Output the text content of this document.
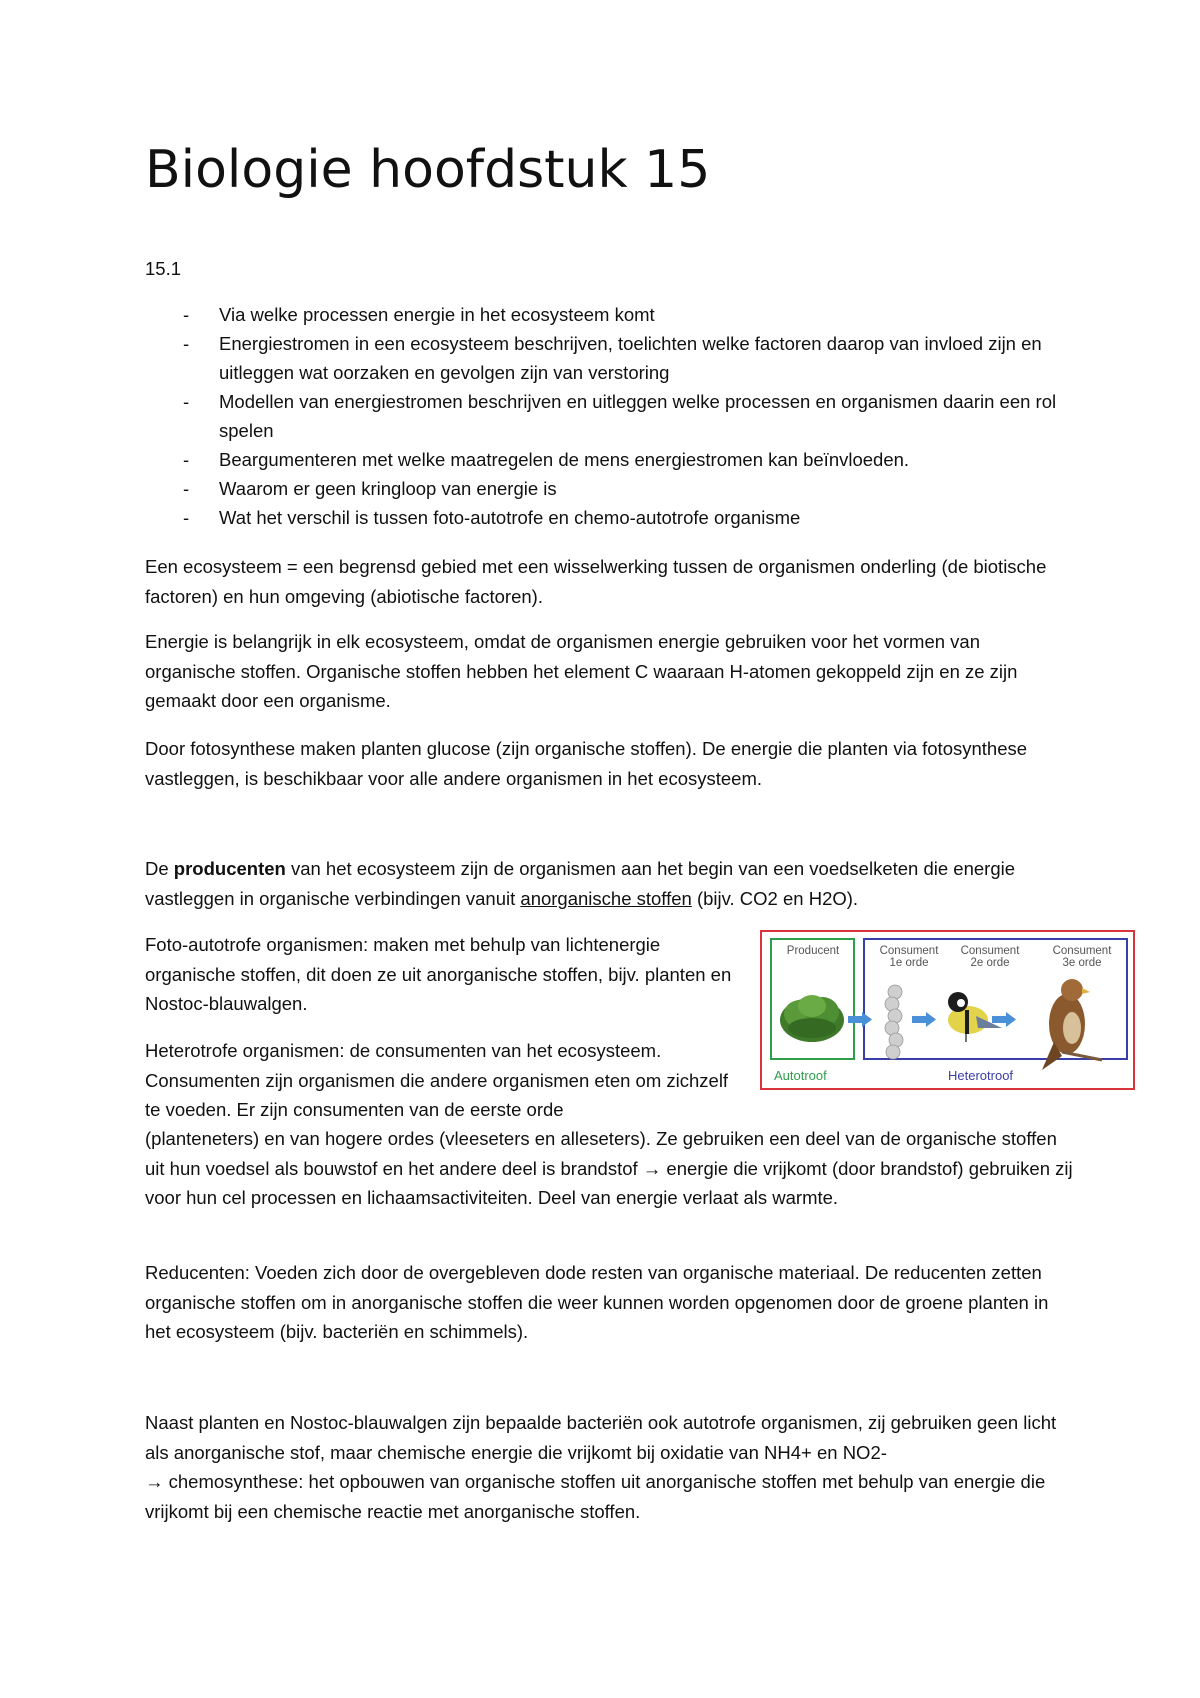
Biologie hoofdstuk 15
15.1
- Via welke processen energie in het ecosysteem komt
- Energiestromen in een ecosysteem beschrijven, toelichten welke factoren daarop van invloed zijn en uitleggen wat oorzaken en gevolgen zijn van verstoring
- Modellen van energiestromen beschrijven en uitleggen welke processen en organismen daarin een rol spelen
- Beargumenteren met welke maatregelen de mens energiestromen kan beïnvloeden.
- Waarom er geen kringloop van energie is
- Wat het verschil is tussen foto-autotrofe en chemo-autotrofe organisme

Een ecosysteem = een begrensd gebied met een wisselwerking tussen de organismen onderling (de biotische factoren) en hun omgeving (abiotische factoren).

Energie is belangrijk in elk ecosysteem, omdat de organismen energie gebruiken voor het vormen van organische stoffen. Organische stoffen hebben het element C waaraan H-atomen gekoppeld zijn en ze zijn gemaakt door een organisme.

Door fotosynthese maken planten glucose (zijn organische stoffen). De energie die planten via fotosynthese vastleggen, is beschikbaar voor alle andere organismen in het ecosysteem.

De producenten van het ecosysteem zijn de organismen aan het begin van een voedselketen die energie vastleggen in organische verbindingen vanuit anorganische stoffen (bijv. CO2 en H2O).

Foto-autotrofe organismen: maken met behulp van lichtenergie organische stoffen, dit doen ze uit anorganische stoffen, bijv. planten en Nostoc-blauwalgen.

Heterotrofe organismen: de consumenten van het ecosysteem. Consumenten zijn organismen die andere organismen eten om zichzelf te voeden. Er zijn consumenten van de eerste orde

(planteneters) en van hogere ordes (vleeseters en alleseters). Ze gebruiken een deel van de organische stoffen uit hun voedsel als bouwstof en het andere deel is brandstof → energie die vrijkomt (door brandstof) gebruiken zij voor hun cel processen en lichaamsactiviteiten. Deel van energie verlaat als warmte.

Reducenten: Voeden zich door de overgebleven dode resten van organische materiaal. De reducenten zetten organische stoffen om in anorganische stoffen die weer kunnen worden opgenomen door de groene planten in het ecosysteem (bijv. bacteriën en schimmels).

Naast planten en Nostoc-blauwalgen zijn bepaalde bacteriën ook autotrofe organismen, zij gebruiken geen licht als anorganische stof, maar chemische energie die vrijkomt bij oxidatie van NH4+ en NO2-
→ chemosynthese: het opbouwen van organische stoffen uit anorganische stoffen met behulp van energie die vrijkomt bij een chemische reactie met anorganische stoffen.

Producent	Consument
1e orde
Consument
2e orde
Consument
3e orde
Autotroof	Heterotroof
